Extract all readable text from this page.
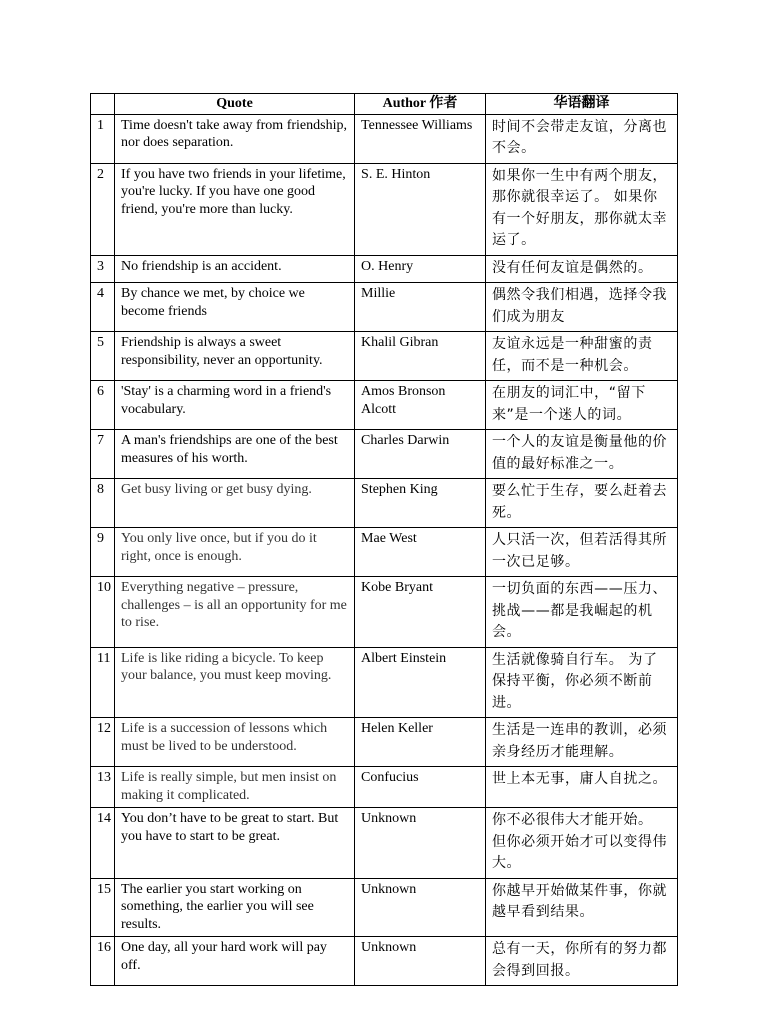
	Quote	Author 作者	华语翻译
1	Time doesn't take away from friendship, nor does separation.	Tennessee Williams	时间不会带走友谊，分离也不会。
2	If you have two friends in your lifetime, you're lucky. If you have one good friend, you're more than lucky.	S. E. Hinton	如果你一生中有两个朋友，那你就很幸运了。 如果你有一个好朋友，那你就太幸运了。
3	No friendship is an accident.	O. Henry	没有任何友谊是偶然的。
4	By chance we met, by choice we become friends	Millie	偶然令我们相遇，选择令我们成为朋友
5	Friendship is always a sweet responsibility, never an opportunity.	Khalil Gibran	友谊永远是一种甜蜜的责任，而不是一种机会。
6	'Stay' is a charming word in a friend's vocabulary.	Amos Bronson Alcott	在朋友的词汇中，“留下来”是一个迷人的词。
7	A man's friendships are one of the best measures of his worth.	Charles Darwin	一个人的友谊是衡量他的价值的最好标准之一。
8	Get busy living or get busy dying.	Stephen King	要么忙于生存，要么赶着去死。
9	You only live once, but if you do it right, once is enough.	Mae West	人只活一次，但若活得其所一次已足够。
10	Everything negative – pressure, challenges – is all an opportunity for me to rise.	Kobe Bryant	一切负面的东西——压力、挑战——都是我崛起的机会。
11	Life is like riding a bicycle. To keep your balance, you must keep moving.	Albert Einstein	生活就像骑自行车。 为了保持平衡，你必须不断前进。
12	Life is a succession of lessons which must be lived to be understood.	Helen Keller	生活是一连串的教训，必须亲身经历才能理解。
13	Life is really simple, but men insist on making it complicated.	Confucius	世上本无事，庸人自扰之。
14	You don’t have to be great to start. But you have to start to be great.	Unknown	你不必很伟大才能开始。 但你必须开始才可以变得伟大。
15	The earlier you start working on something, the earlier you will see results.	Unknown	你越早开始做某件事，你就越早看到结果。
16	One day, all your hard work will pay off.	Unknown	总有一天，你所有的努力都会得到回报。
